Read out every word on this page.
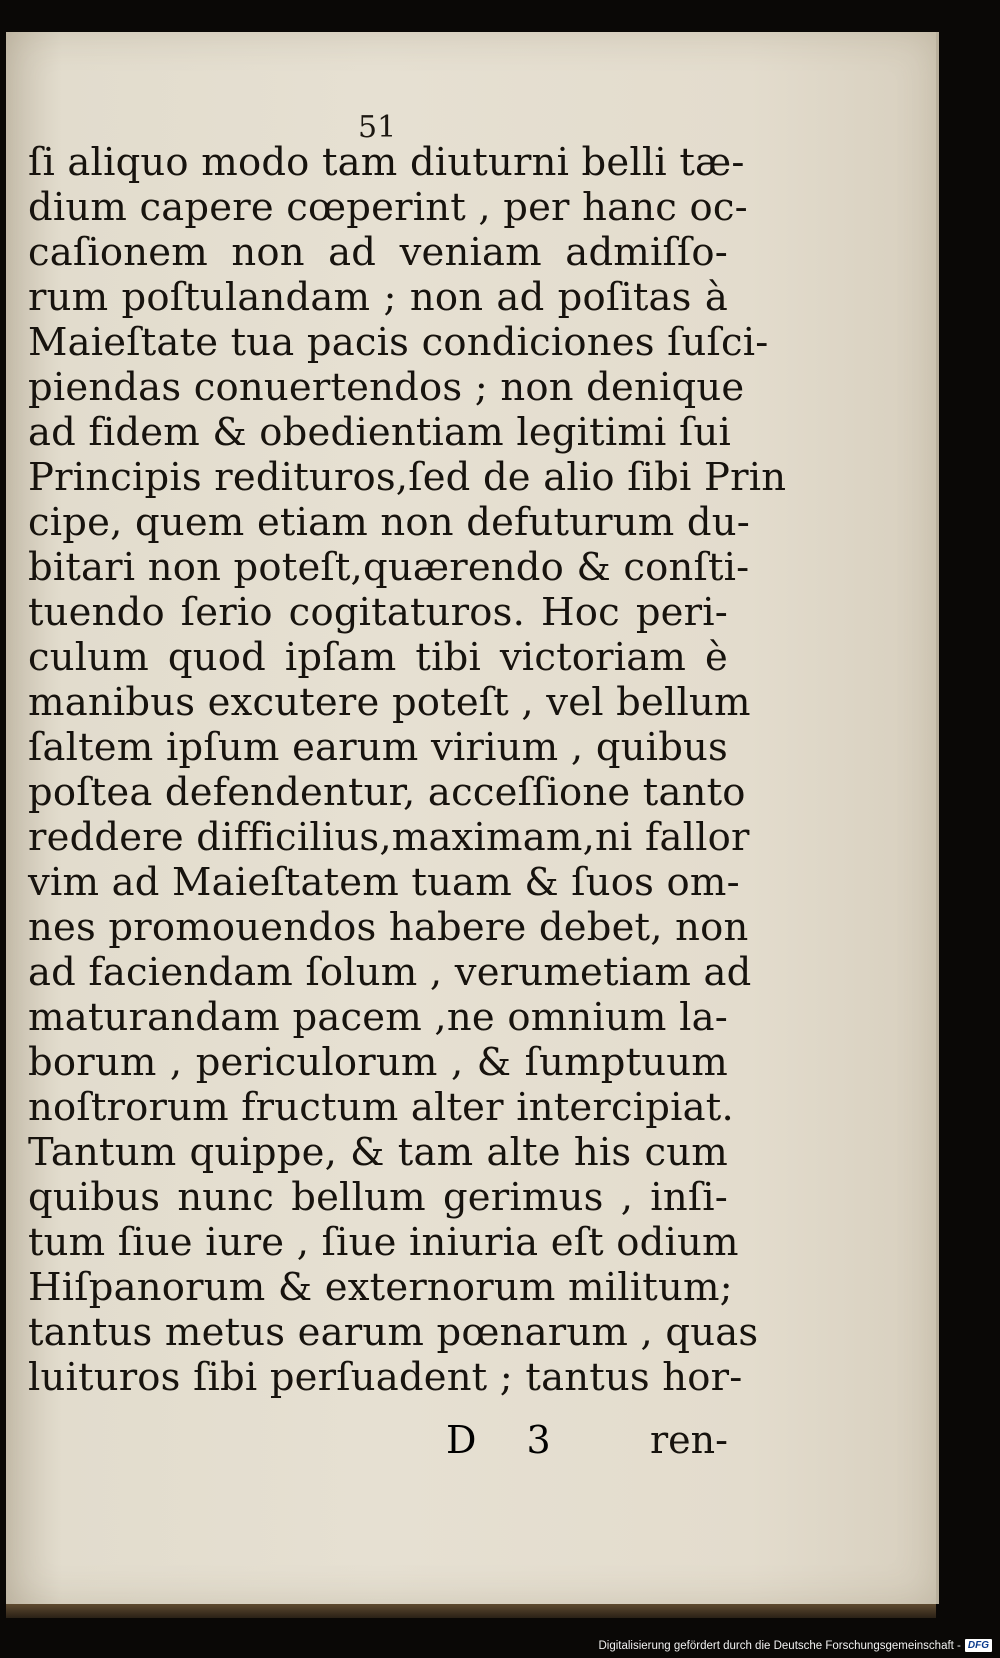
51
ſi aliquo modo tam diuturni belli tæ-
dium capere cœperint , per hanc oc-
caſionem non ad veniam admiſſo-
rum poſtulandam ; non ad poſitas à
Maieſtate tua pacis condiciones ſuſci-
piendas conuertendos ; non denique
ad fidem & obedientiam legitimi ſui
Principis redituros,ſed de alio ſibi Prin
cipe, quem etiam non defuturum du-
bitari non poteſt,quærendo & conſti-
tuendo ſerio cogitaturos. Hoc peri-
culum quod ipſam tibi victoriam è
manibus excutere poteſt , vel bellum
ſaltem ipſum earum virium , quibus
poſtea defendentur, acceſſione tanto
reddere difficilius,maximam,ni fallor
vim ad Maieſtatem tuam & ſuos om-
nes promouendos habere debet, non
ad faciendam ſolum , verumetiam ad
maturandam pacem ,ne omnium la-
borum , periculorum , & ſumptuum
noſtrorum fructum alter intercipiat.
Tantum quippe, & tam alte his cum
quibus nunc bellum gerimus , inſi-
tum ſiue iure , ſiue iniuria eſt odium
Hiſpanorum & externorum militum;
tantus metus earum pœnarum , quas
luituros ſibi perſuadent ; tantus hor-
D 3	ren-
Digitalisierung gefördert durch die Deutsche Forschungsgemeinschaft - DFG
